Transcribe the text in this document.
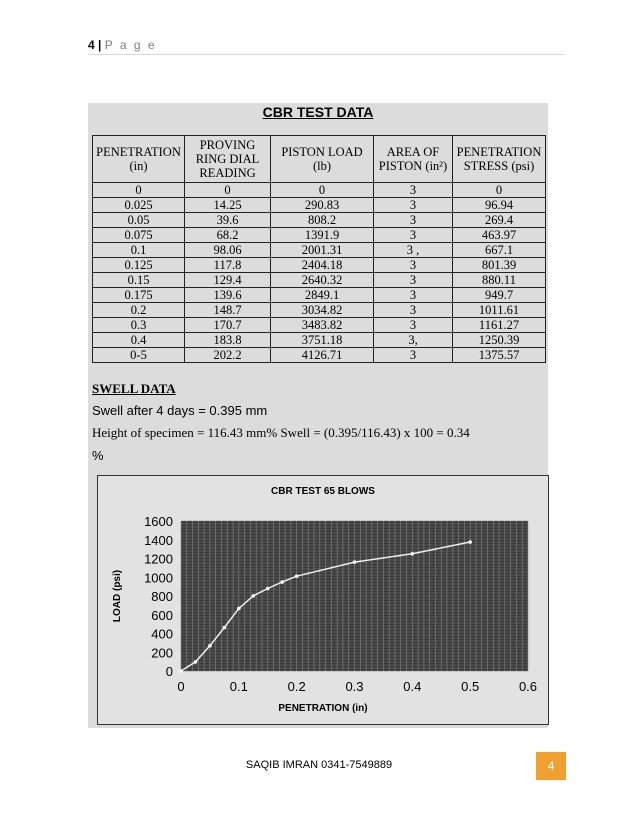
4 | P a g e
CBR TEST DATA
PENETRATION (in)	PROVING RING DIAL READING	PISTON LOAD (lb)	AREA OF PISTON (in²)	PENETRATION STRESS (psi)
0	0	0	3	0
0.025	14.25	290.83	3	96.94
0.05	39.6	808.2	3	269.4
0.075	68.2	1391.9	3	463.97
0.1	98.06	2001.31	3 ,	667.1
0.125	117.8	2404.18	3	801.39
0.15	129.4	2640.32	3	880.11
0.175	139.6	2849.1	3	949.7
0.2	148.7	3034.82	3	1011.61
0.3	170.7	3483.82	3	1161.27
0.4	183.8	3751.18	3,	1250.39
0-5	202.2	4126.71	3	1375.57
SWELL DATA
Swell after 4 days = 0.395 mm
Height of specimen = 116.43 mm% Swell = (0.395/116.43) x 100 = 0.34
%
CBR TEST 65 BLOWS
0	0.1	0.2	0.3	0.4	0.5	0.6
0
200
400
600
800
1000
1200
1400
1600
PENETRATION (in)
LOAD (psi)
SAQIB IMRAN 0341-7549889	4
